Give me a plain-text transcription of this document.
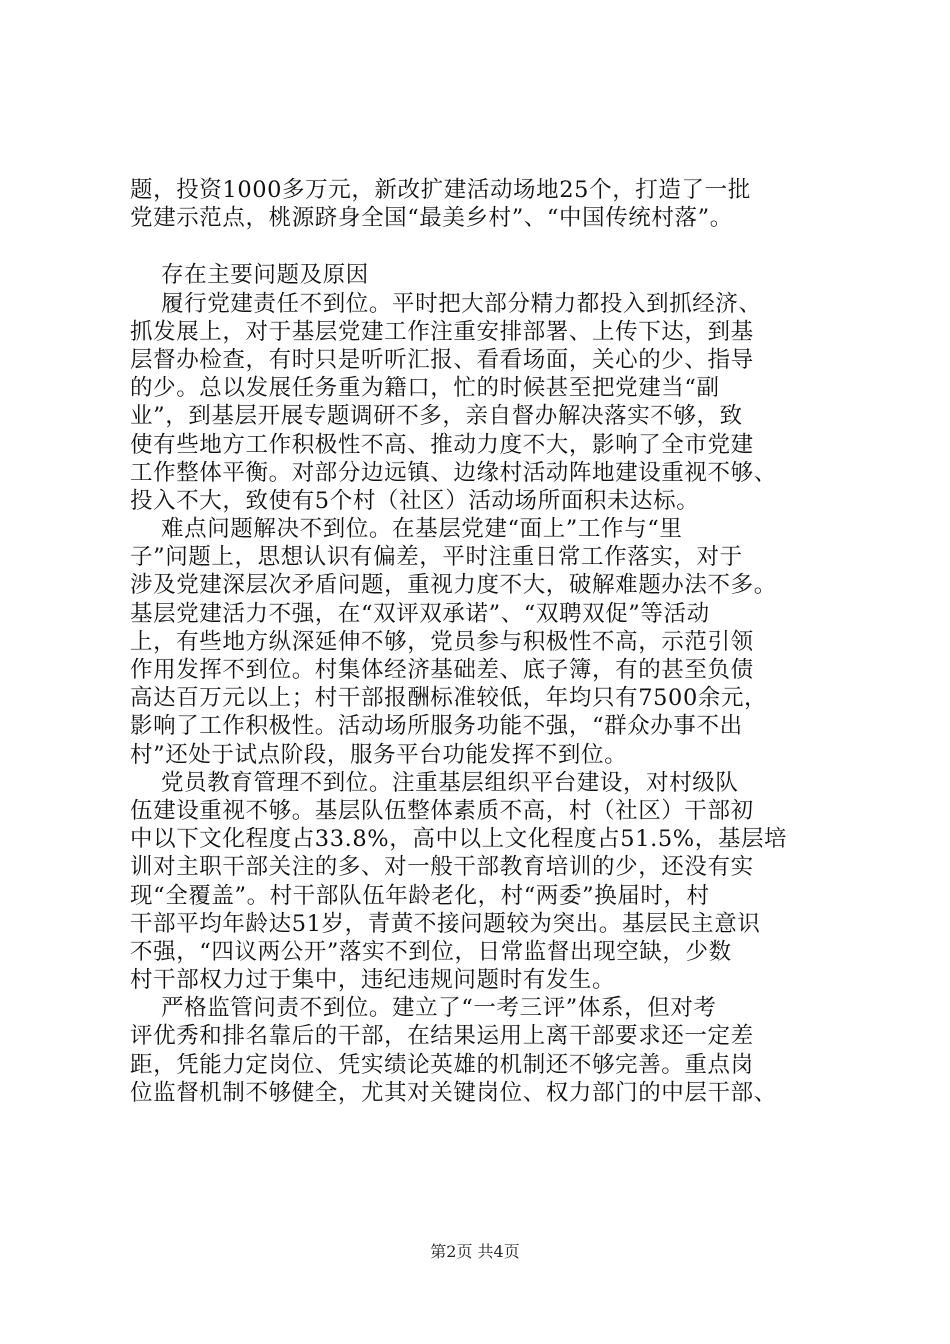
题，投资1000多万元，新改扩建活动场地25个，打造了一批
党建示范点，桃源跻身全国“最美乡村”、“中国传统村落”。
存在主要问题及原因
履行党建责任不到位。平时把大部分精力都投入到抓经济、
抓发展上，对于基层党建工作注重安排部署、上传下达，到基
层督办检查，有时只是听听汇报、看看场面，关心的少、指导
的少。总以发展任务重为籍口，忙的时候甚至把党建当“副
业”，到基层开展专题调研不多，亲自督办解决落实不够，致
使有些地方工作积极性不高、推动力度不大，影响了全市党建
工作整体平衡。对部分边远镇、边缘村活动阵地建设重视不够、
投入不大，致使有5个村（社区）活动场所面积未达标。
难点问题解决不到位。在基层党建“面上”工作与“里
子”问题上，思想认识有偏差，平时注重日常工作落实，对于
涉及党建深层次矛盾问题，重视力度不大，破解难题办法不多。
基层党建活力不强，在“双评双承诺”、“双聘双促”等活动
上，有些地方纵深延伸不够，党员参与积极性不高，示范引领
作用发挥不到位。村集体经济基础差、底子簿，有的甚至负债
高达百万元以上；村干部报酬标准较低，年均只有7500余元，
影响了工作积极性。活动场所服务功能不强，“群众办事不出
村”还处于试点阶段，服务平台功能发挥不到位。
党员教育管理不到位。注重基层组织平台建设，对村级队
伍建设重视不够。基层队伍整体素质不高，村（社区）干部初
中以下文化程度占33.8%，高中以上文化程度占51.5%，基层培
训对主职干部关注的多、对一般干部教育培训的少，还没有实
现“全覆盖”。村干部队伍年龄老化，村“两委”换届时，村
干部平均年龄达51岁，青黄不接问题较为突出。基层民主意识
不强，“四议两公开”落实不到位，日常监督出现空缺，少数
村干部权力过于集中，违纪违规问题时有发生。
严格监管问责不到位。建立了“一考三评”体系，但对考
评优秀和排名靠后的干部，在结果运用上离干部要求还一定差
距，凭能力定岗位、凭实绩论英雄的机制还不够完善。重点岗
位监督机制不够健全，尤其对关键岗位、权力部门的中层干部、
第2页 共4页
